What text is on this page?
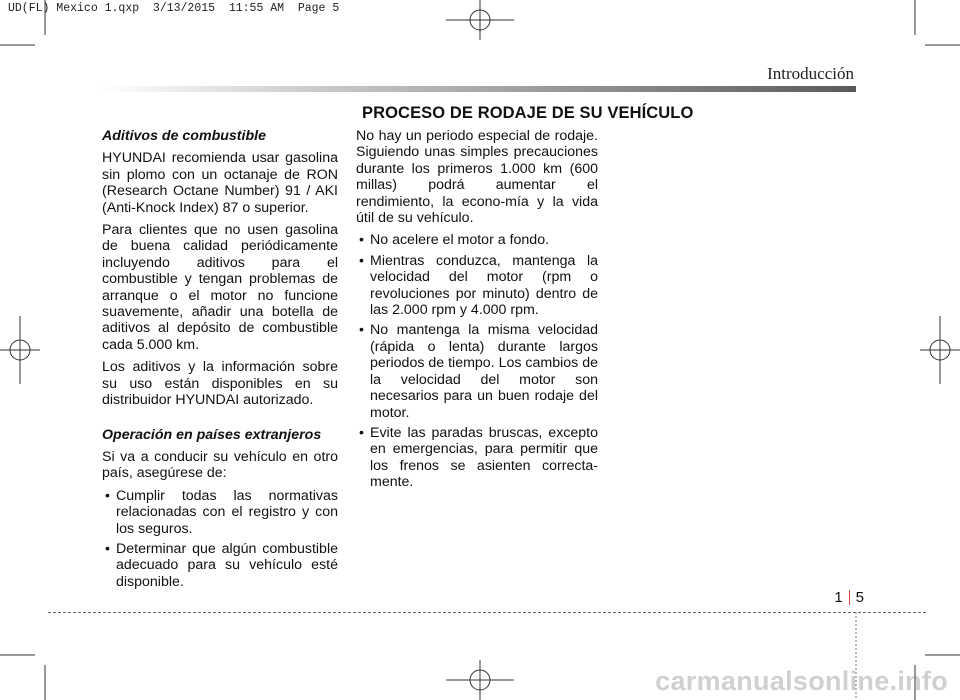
UD(FL) Mexico 1.qxp  3/13/2015  11:55 AM  Page 5
Introducción
PROCESO DE RODAJE DE SU VEHÍCULO
Aditivos de combustible

HYUNDAI recomienda usar gasolina sin plomo con un octanaje de RON (Research Octane Number) 91 / AKI (Anti-Knock Index) 87 o superior.

Para clientes que no usen gasolina de buena calidad periódicamente incluyendo aditivos para el combustible y tengan problemas de arranque o el motor no funcione suavemente, añadir una botella de aditivos al depósito de combustible cada 5.000 km.

Los aditivos y la información sobre su uso están disponibles en su distribuidor HYUNDAI autorizado.

Operación en países extranjeros

Si va a conducir su vehículo en otro país, asegúrese de:

• Cumplir todas las normativas relacionadas con el registro y con los seguros.
• Determinar que algún combustible adecuado para su vehículo esté disponible.

No hay un periodo especial de rodaje. Siguiendo unas simples precauciones durante los primeros 1.000 km (600 millas) podrá aumentar el rendimiento, la econo-mía y la vida útil de su vehículo.

• No acelere el motor a fondo.
• Mientras conduzca, mantenga la velocidad del motor (rpm o revoluciones por minuto) dentro de las 2.000 rpm y 4.000 rpm.
• No mantenga la misma velocidad (rápida o lenta) durante largos periodos de tiempo. Los cambios de la velocidad del motor son necesarios para un buen rodaje del motor.
• Evite las paradas bruscas, excepto en emergencias, para permitir que los frenos se asienten correcta-mente.
1 5
carmanualsonline.info
